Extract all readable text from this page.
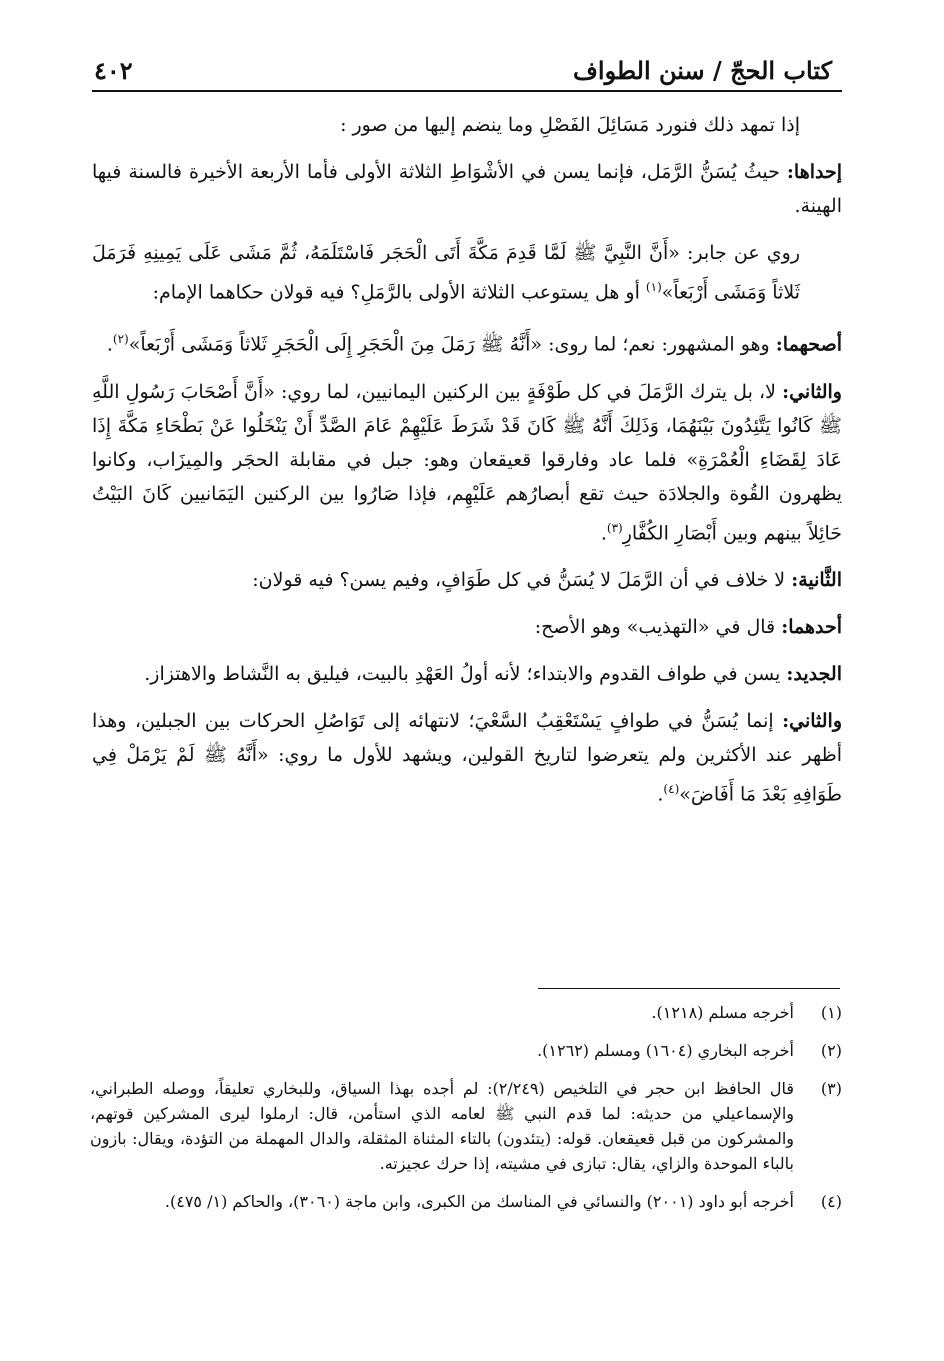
٤٠٢	كتاب الحجّ / سنن الطواف

إذا تمهد ذلك فنورد مَسَائِلَ الفَصْلِ وما ينضم إليها من صور :

إحداها: حيثُ يُسَنُّ الرَّمَل، فإنما يسن في الأشْوَاطِ الثلاثة الأولى فأما الأربعة الأخيرة فالسنة فيها الهينة.

روي عن جابر: «أَنَّ النَّبِيَّ ﷺ لَمَّا قَدِمَ مَكَّةَ أَتَى الْحَجَر فَاسْتَلَمَهُ، ثُمَّ مَشَى عَلَى يَمِينِهِ فَرَمَلَ ثَلاثاً وَمَشَى أَرْبَعاً»$^{(١)}$ أو هل يستوعب الثلاثة الأولى بالرَّمَلِ؟ فيه قولان حكاهما الإمام:

أصحهما: وهو المشهور: نعم؛ لما روى: «أَنَّهُ ﷺ رَمَلَ مِنَ الْحَجَرِ إِلَى الْحَجَرِ ثَلاثاً وَمَشَى أَرْبَعاً»$^{(٢)}$.

والثاني: لا، بل يترك الرَّمَلَ في كل طَوْفَةٍ بين الركنين اليمانيين، لما روي: «أَنَّ أَصْحَابَ رَسُولِ اللَّهِ ﷺ كَانُوا يَتَّئِدُونَ بَيْنَهُمَا، وَذَلِكَ أَنَّهُ ﷺ كَانَ قَدْ شَرَطَ عَلَيْهِمْ عَامَ الصَّدِّ أَنْ يَنْخَلُوا عَنْ بَطْحَاءِ مَكَّةَ إِذَا عَادَ لِقَضَاءِ الْعُمْرَةِ» فلما عاد وفارقوا قعيقعان وهو: جبل في مقابلة الحجَر والمِيزَاب، وكانوا يظهرون القُوة والجلادَة حيث تقع أبصارُهم عَلَيْهِم، فإذا صَارُوا بين الركنين اليَمَانيين كَانَ البَيْتُ حَائِلاً بينهم وبين أَبْصَارِ الكُفَّارِ$^{(٣)}$.

الثَّانية: لا خلاف في أن الرَّمَلَ لا يُسَنُّ في كل طَوَافٍ، وفيم يسن؟ فيه قولان:

أحدهما: قال في «التهذيب» وهو الأصح:

الجديد: يسن في طواف القدوم والابتداء؛ لأنه أولُ العَهْدِ بالبيت، فيليق به النَّشاط والاهتزاز.

والثاني: إنما يُسَنُّ في طوافٍ يَسْتَعْقِبُ السَّعْيَ؛ لانتهائه إلى تَوَاصُلِ الحركات بين الجبلين، وهذا أظهر عند الأكثرين ولم يتعرضوا لتاريخ القولين، ويشهد للأول ما روي: «أَنَّهُ ﷺ لَمْ يَرْمَلْ فِي طَوَافِهِ بَعْدَ مَا أَفَاضَ»$^{(٤)}$.

(١)
أخرجه مسلم (١٢١٨).
(٢)
أخرجه البخاري (١٦٠٤) ومسلم (١٢٦٢).
(٣)
قال الحافظ ابن حجر في التلخيص (٢/٢٤٩): لم أجده بهذا السياق، وللبخاري تعليقاً، ووصله الطبراني، والإسماعيلي من حديثه: لما قدم النبي ﷺ لعامه الذي استأمن، قال: ارملوا ليرى المشركين قوتهم، والمشركون من قبل قعيقعان. قوله: (يتئدون) بالتاء المثناة المثقلة، والدال المهملة من التؤدة، ويقال: بازون بالباء الموحدة والزاي، يقال: تبازى في مشيته، إذا حرك عجيزته.
(٤)
أخرجه أبو داود (٢٠٠١) والنسائي في المناسك من الكبرى، وابن ماجة (٣٠٦٠)، والحاكم (١/ ٤٧٥).
